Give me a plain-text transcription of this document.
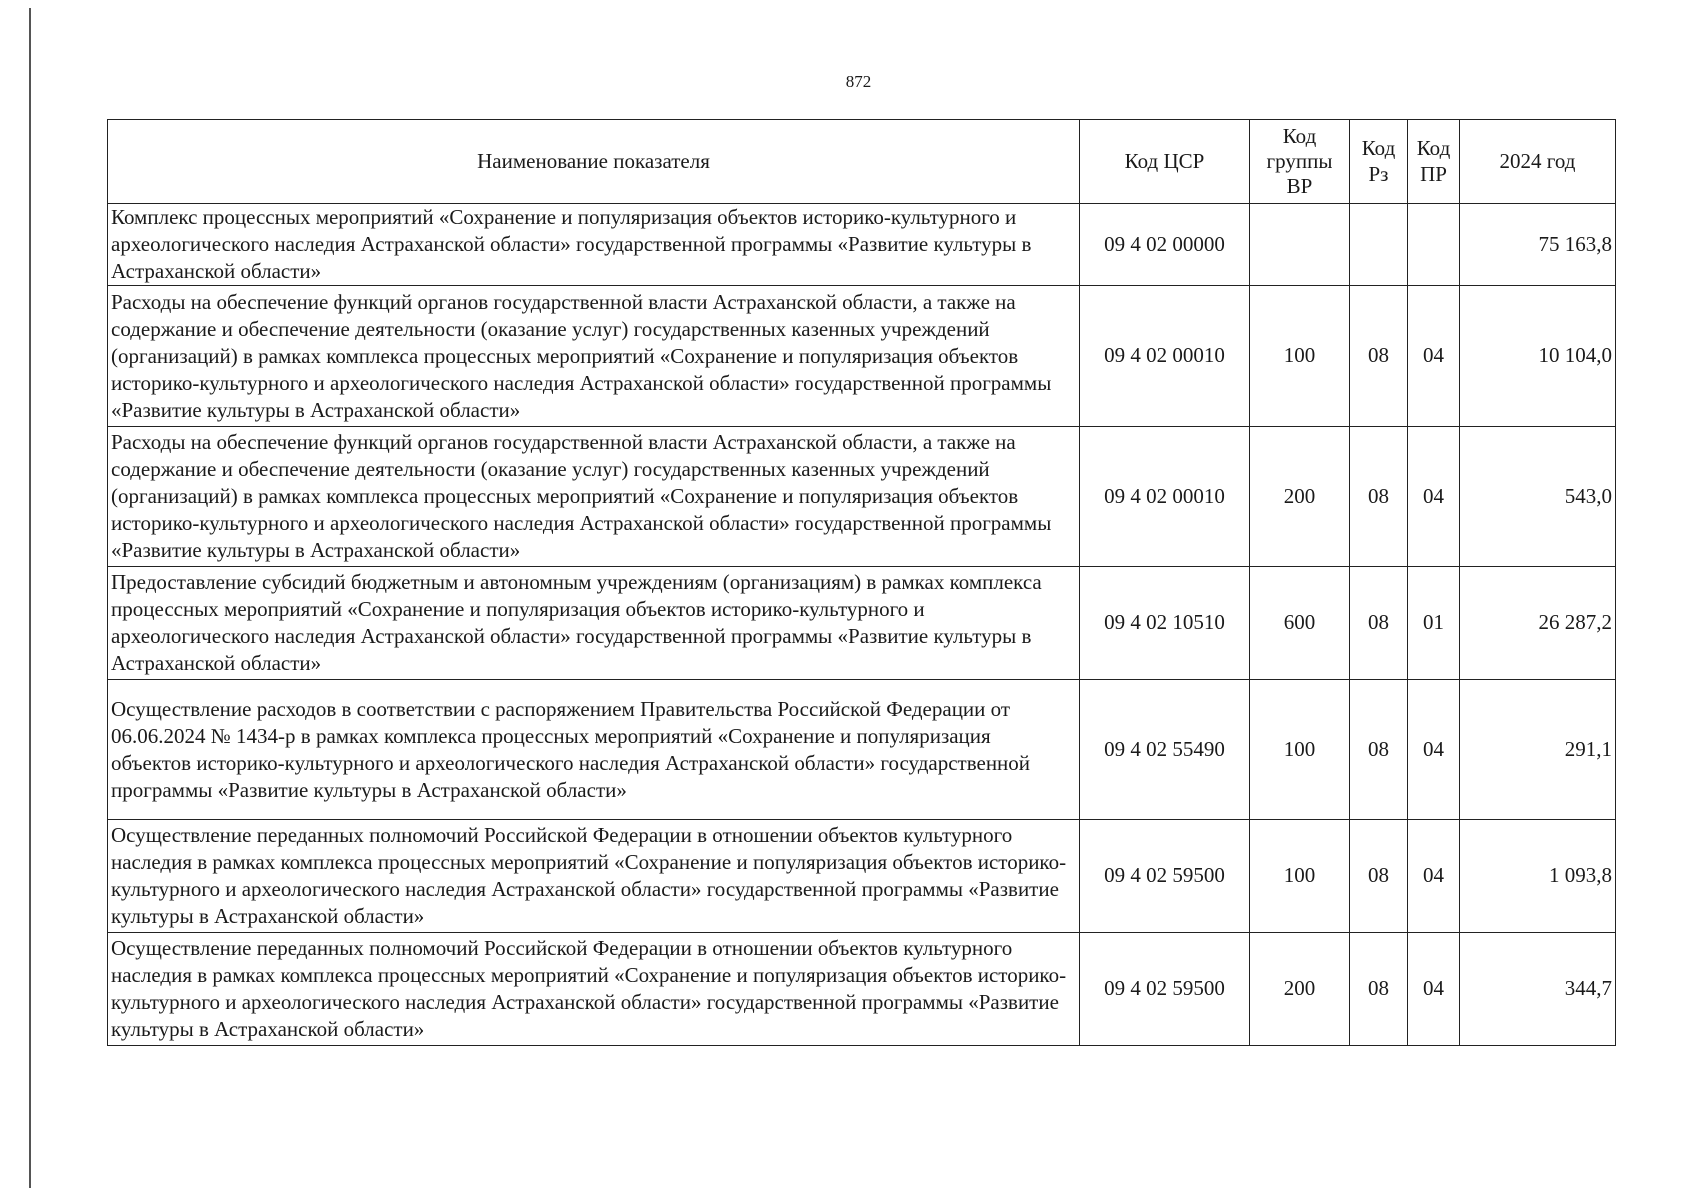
872
Наименование показателя	Код ЦСР	Код группы ВР	Код Рз	Код ПР	2024 год
Комплекс процессных мероприятий «Сохранение и популяризация объектов историко-культурного и археологического наследия Астраханской области» государственной программы «Развитие культуры в Астраханской области»	09 4 02 00000				75 163,8
Расходы на обеспечение функций органов государственной власти Астраханской области, а также на содержание и обеспечение деятельности (оказание услуг) государственных казенных учреждений (организаций) в рамках комплекса процессных мероприятий «Сохранение и популяризация объектов историко-культурного и археологического наследия Астраханской области» государственной программы «Развитие культуры в Астраханской области»	09 4 02 00010	100	08	04	10 104,0
Расходы на обеспечение функций органов государственной власти Астраханской области, а также на содержание и обеспечение деятельности (оказание услуг) государственных казенных учреждений (организаций) в рамках комплекса процессных мероприятий «Сохранение и популяризация объектов историко-культурного и археологического наследия Астраханской области» государственной программы «Развитие культуры в Астраханской области»	09 4 02 00010	200	08	04	543,0
Предоставление субсидий бюджетным и автономным учреждениям (организациям) в рамках комплекса процессных мероприятий «Сохранение и популяризация объектов историко-культурного и археологического наследия Астраханской области» государственной программы «Развитие культуры в Астраханской области»	09 4 02 10510	600	08	01	26 287,2
Осуществление расходов в соответствии с распоряжением Правительства Российской Федерации от 06.06.2024 № 1434-р в рамках комплекса процессных мероприятий «Сохранение и популяризация объектов историко-культурного и археологического наследия Астраханской области» государственной программы «Развитие культуры в Астраханской области»	09 4 02 55490	100	08	04	291,1
Осуществление переданных полномочий Российской Федерации в отношении объектов культурного наследия в рамках комплекса процессных мероприятий «Сохранение и популяризация объектов историко-культурного и археологического наследия Астраханской области» государственной программы «Развитие культуры в Астраханской области»	09 4 02 59500	100	08	04	1 093,8
Осуществление переданных полномочий Российской Федерации в отношении объектов культурного наследия в рамках комплекса процессных мероприятий «Сохранение и популяризация объектов историко-культурного и археологического наследия Астраханской области» государственной программы «Развитие культуры в Астраханской области»	09 4 02 59500	200	08	04	344,7
